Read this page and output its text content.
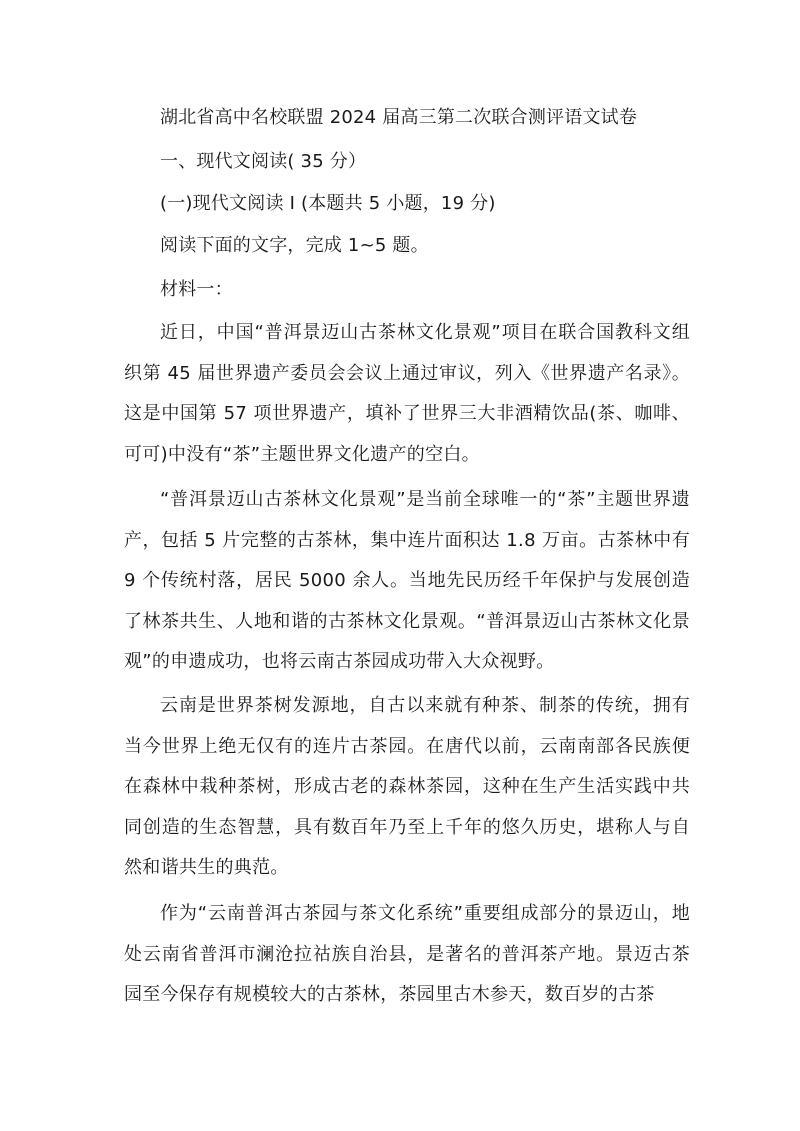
湖北省高中名校联盟 2024 届高三第二次联合测评语文试卷
一、现代文阅读( 35 分）
(一)现代文阅读 I (本题共 5 小题，19 分)
阅读下面的文字，完成 1~5 题。
材料一：
近日，中国“普洱景迈山古茶林文化景观”项目在联合国教科文组织第 45 届世界遗产委员会会议上通过审议，列入《世界遗产名录》。这是中国第 57 项世界遗产，填补了世界三大非酒精饮品(茶、咖啡、可可)中没有“茶”主题世界文化遗产的空白。
“普洱景迈山古茶林文化景观”是当前全球唯一的“茶”主题世界遗产，包括 5 片完整的古茶林，集中连片面积达 1.8 万亩。古茶林中有 9 个传统村落，居民 5000 余人。当地先民历经千年保护与发展创造了林茶共生、人地和谐的古茶林文化景观。“普洱景迈山古茶林文化景观”的申遗成功，也将云南古茶园成功带入大众视野。
云南是世界茶树发源地，自古以来就有种茶、制茶的传统，拥有当今世界上绝无仅有的连片古茶园。在唐代以前，云南南部各民族便在森林中栽种茶树，形成古老的森林茶园，这种在生产生活实践中共同创造的生态智慧，具有数百年乃至上千年的悠久历史，堪称人与自然和谐共生的典范。
作为“云南普洱古茶园与茶文化系统”重要组成部分的景迈山，地处云南省普洱市澜沧拉祜族自治县，是著名的普洱茶产地。景迈古茶园至今保存有规模较大的古茶林，茶园里古木参天，数百岁的古茶
